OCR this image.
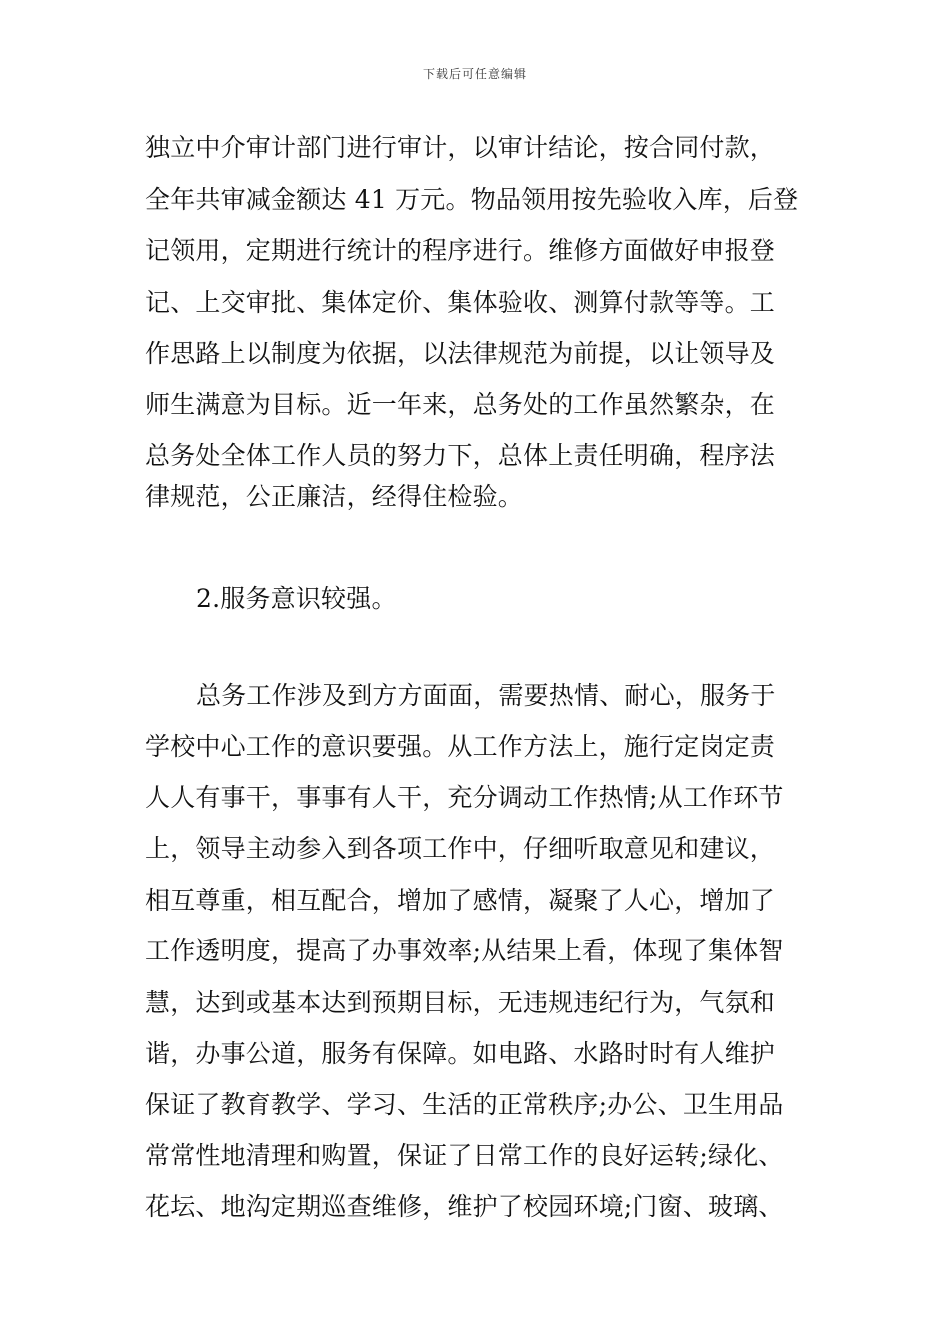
下载后可任意编辑
独立中介审计部门进行审计，以审计结论，按合同付款，
全年共审减金额达 41 万元。物品领用按先验收入库，后登
记领用，定期进行统计的程序进行。维修方面做好申报登
记、上交审批、集体定价、集体验收、测算付款等等。工
作思路上以制度为依据，以法律规范为前提，以让领导及
师生满意为目标。近一年来，总务处的工作虽然繁杂，在
总务处全体工作人员的努力下，总体上责任明确，程序法
律规范，公正廉洁，经得住检验。
2.服务意识较强。
总务工作涉及到方方面面，需要热情、耐心，服务于
学校中心工作的意识要强。从工作方法上，施行定岗定责
人人有事干，事事有人干，充分调动工作热情;从工作环节
上，领导主动参入到各项工作中，仔细听取意见和建议，
相互尊重，相互配合，增加了感情，凝聚了人心，增加了
工作透明度，提高了办事效率;从结果上看，体现了集体智
慧，达到或基本达到预期目标，无违规违纪行为，气氛和
谐，办事公道，服务有保障。如电路、水路时时有人维护
保证了教育教学、学习、生活的正常秩序;办公、卫生用品
常常性地清理和购置，保证了日常工作的良好运转;绿化、
花坛、地沟定期巡查维修，维护了校园环境;门窗、玻璃、
